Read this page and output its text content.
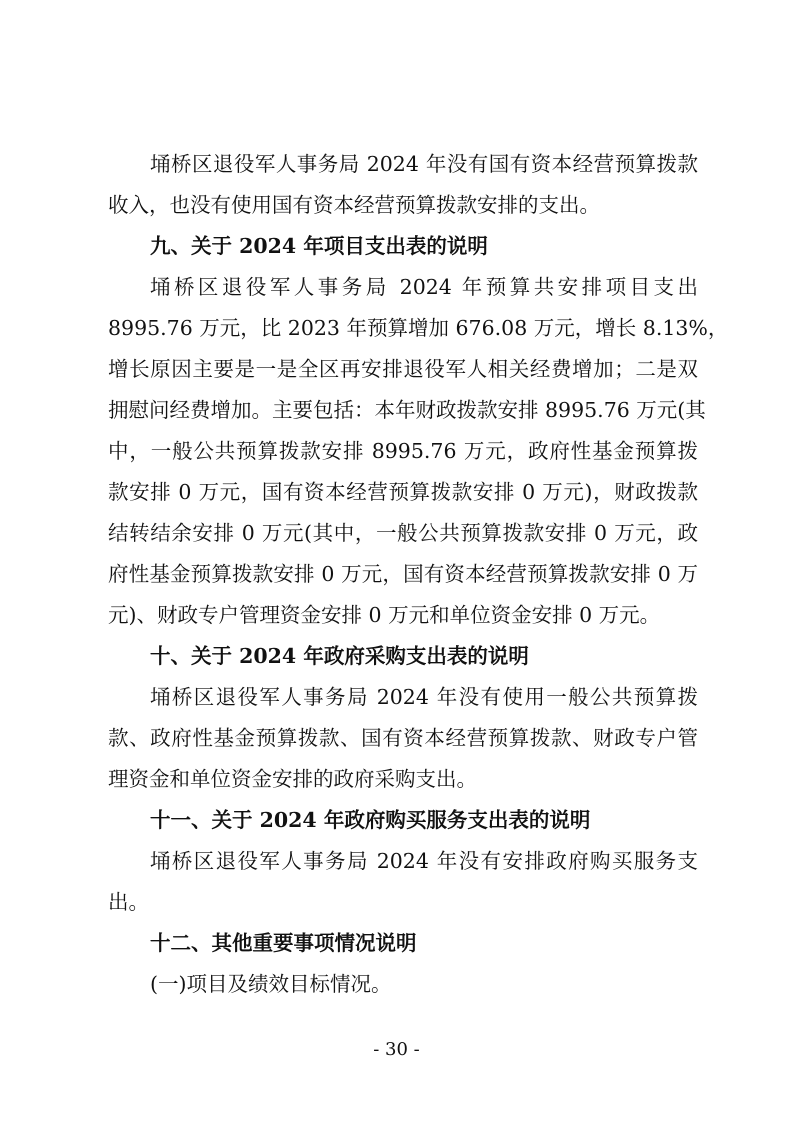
埇桥区退役军人事务局 2024 年没有国有资本经营预算拨款
收入，也没有使用国有资本经营预算拨款安排的支出。
九、关于 2024 年项目支出表的说明
埇桥区退役军人事务局 2024 年预算共安排项目支出
8995.76 万元，比 2023 年预算增加 676.08 万元，增长 8.13%，
增长原因主要是一是全区再安排退役军人相关经费增加；二是双
拥慰问经费增加。主要包括：本年财政拨款安排 8995.76 万元(其
中，一般公共预算拨款安排 8995.76 万元，政府性基金预算拨
款安排 0 万元，国有资本经营预算拨款安排 0 万元)，财政拨款
结转结余安排 0 万元(其中，一般公共预算拨款安排 0 万元，政
府性基金预算拨款安排 0 万元，国有资本经营预算拨款安排 0 万
元)、财政专户管理资金安排 0 万元和单位资金安排 0 万元。
十、关于 2024 年政府采购支出表的说明
埇桥区退役军人事务局 2024 年没有使用一般公共预算拨
款、政府性基金预算拨款、国有资本经营预算拨款、财政专户管
理资金和单位资金安排的政府采购支出。
十一、关于 2024 年政府购买服务支出表的说明
埇桥区退役军人事务局 2024 年没有安排政府购买服务支
出。
十二、其他重要事项情况说明
(一)项目及绩效目标情况。
- 30 -
